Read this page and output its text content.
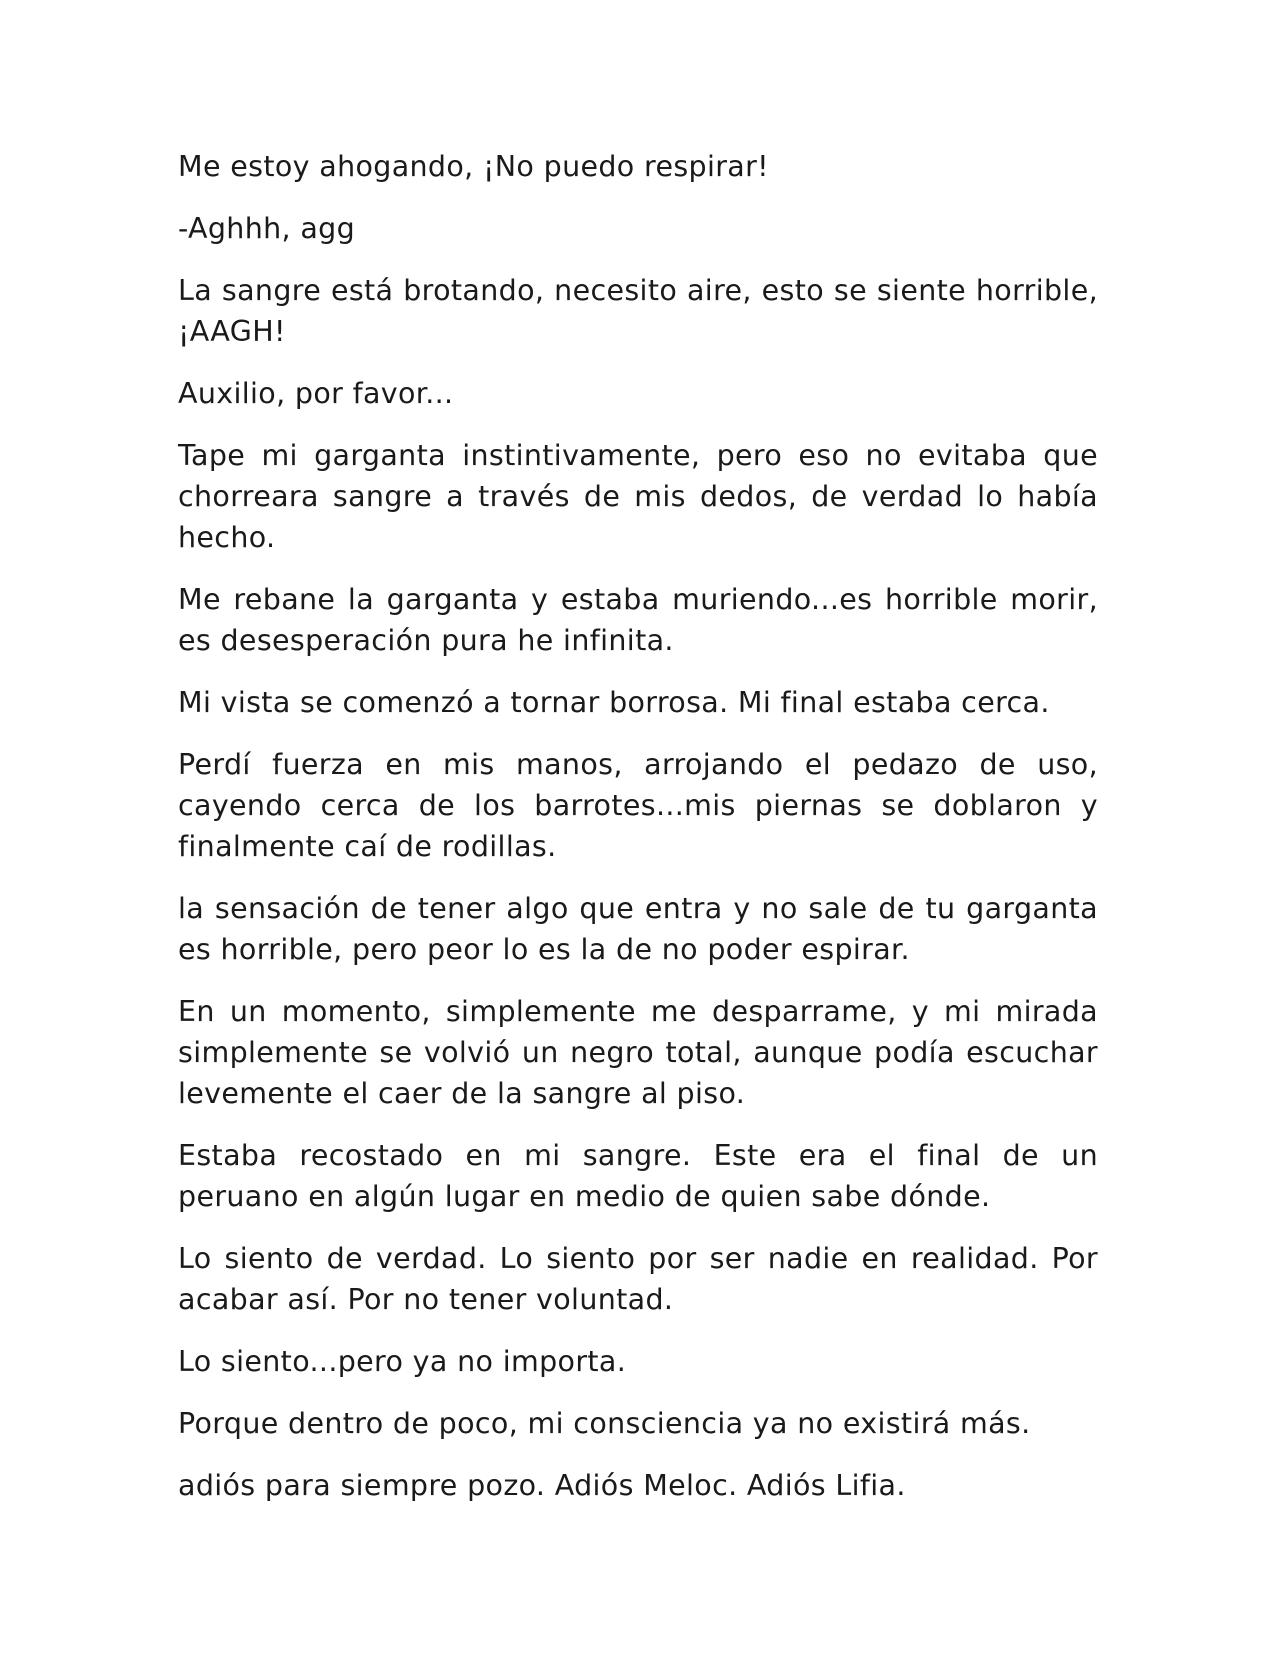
Me estoy ahogando, ¡No puedo respirar!

-Aghhh, agg

La sangre está brotando, necesito aire, esto se siente horrible, ¡AAGH!

Auxilio, por favor...

Tape mi garganta instintivamente, pero eso no evitaba que chorreara sangre a través de mis dedos, de verdad lo había hecho.

Me rebane la garganta y estaba muriendo...es horrible morir, es desesperación pura he infinita.

Mi vista se comenzó a tornar borrosa. Mi final estaba cerca.

Perdí fuerza en mis manos, arrojando el pedazo de uso, cayendo cerca de los barrotes...mis piernas se doblaron y finalmente caí de rodillas.

la sensación de tener algo que entra y no sale de tu garganta es horrible, pero peor lo es la de no poder espirar.

En un momento, simplemente me desparrame, y mi mirada simplemente se volvió un negro total, aunque podía escuchar levemente el caer de la sangre al piso.

Estaba recostado en mi sangre. Este era el final de un peruano en algún lugar en medio de quien sabe dónde.

Lo siento de verdad. Lo siento por ser nadie en realidad. Por acabar así. Por no tener voluntad.

Lo siento...pero ya no importa.

Porque dentro de poco, mi consciencia ya no existirá más.

adiós para siempre pozo. Adiós Meloc. Adiós Lifia.
